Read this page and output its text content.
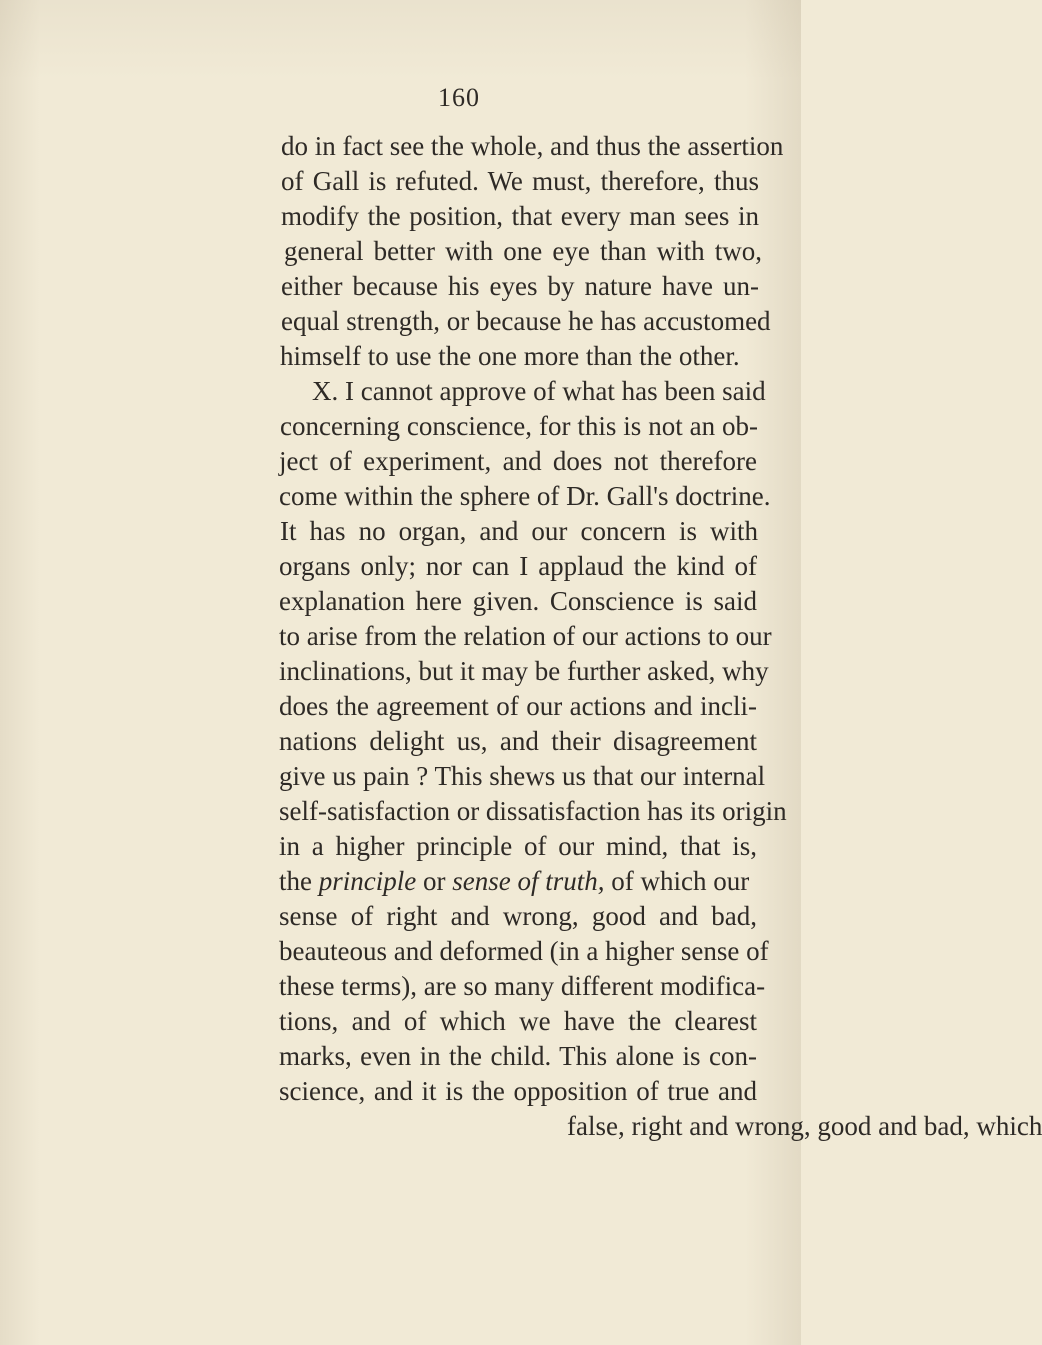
160
do in fact see the whole, and thus the assertion
of Gall is refuted. We must, therefore, thus
modify the position, that every man sees in
general better with one eye than with two,
either because his eyes by nature have un-
equal strength, or because he has accustomed
himself to use the one more than the other.
X. I cannot approve of what has been said
concerning conscience, for this is not an ob-
ject of experiment, and does not therefore
come within the sphere of Dr. Gall's doctrine.
It has no organ, and our concern is with
organs only; nor can I applaud the kind of
explanation here given. Conscience is said
to arise from the relation of our actions to our
inclinations, but it may be further asked, why
does the agreement of our actions and incli-
nations delight us, and their disagreement
give us pain ? This shews us that our internal
self-satisfaction or dissatisfaction has its origin
in a higher principle of our mind, that is,
the principle or sense of truth, of which our
sense of right and wrong, good and bad,
beauteous and deformed (in a higher sense of
these terms), are so many different modifica-
tions, and of which we have the clearest
marks, even in the child. This alone is con-
science, and it is the opposition of true and
false, right and wrong, good and bad, which
